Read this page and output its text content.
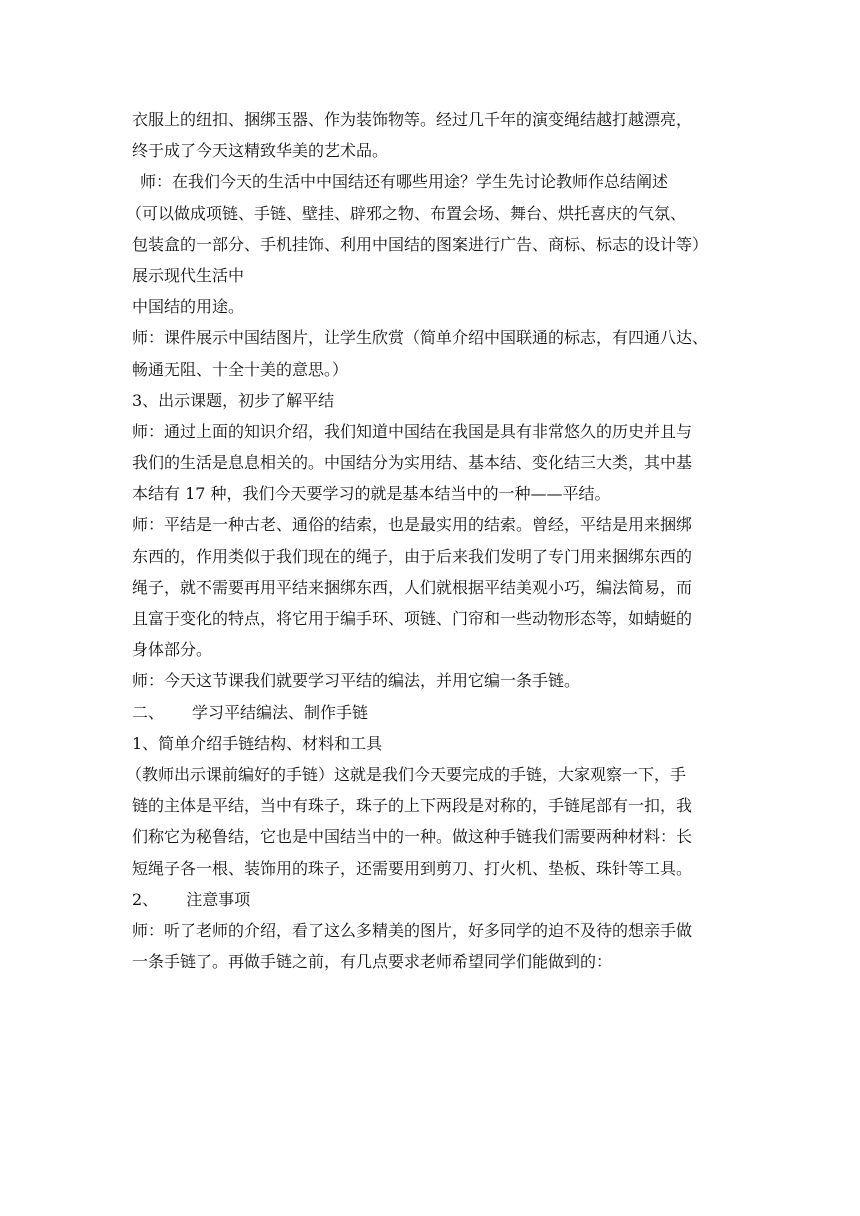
衣服上的纽扣、捆绑玉器、作为装饰物等。经过几千年的演变绳结越打越漂亮，
终于成了今天这精致华美的艺术品。
师：在我们今天的生活中中国结还有哪些用途？学生先讨论教师作总结阐述
（可以做成项链、手链、壁挂、辟邪之物、布置会场、舞台、烘托喜庆的气氛、
包装盒的一部分、手机挂饰、利用中国结的图案进行广告、商标、标志的设计等）
展示现代生活中
中国结的用途。
师：课件展示中国结图片，让学生欣赏（简单介绍中国联通的标志，有四通八达、
畅通无阻、十全十美的意思。）
3、出示课题，初步了解平结
师：通过上面的知识介绍，我们知道中国结在我国是具有非常悠久的历史并且与
我们的生活是息息相关的。中国结分为实用结、基本结、变化结三大类，其中基
本结有 17 种，我们今天要学习的就是基本结当中的一种——平结。
师：平结是一种古老、通俗的结索，也是最实用的结索。曾经，平结是用来捆绑
东西的，作用类似于我们现在的绳子，由于后来我们发明了专门用来捆绑东西的
绳子，就不需要再用平结来捆绑东西，人们就根据平结美观小巧，编法简易，而
且富于变化的特点，将它用于编手环、项链、门帘和一些动物形态等，如蜻蜓的
身体部分。
师：今天这节课我们就要学习平结的编法，并用它编一条手链。
二、 学习平结编法、制作手链
1、简单介绍手链结构、材料和工具
（教师出示课前编好的手链）这就是我们今天要完成的手链，大家观察一下，手
链的主体是平结，当中有珠子，珠子的上下两段是对称的，手链尾部有一扣，我
们称它为秘鲁结，它也是中国结当中的一种。做这种手链我们需要两种材料：长
短绳子各一根、装饰用的珠子，还需要用到剪刀、打火机、垫板、珠针等工具。
2、 注意事项
师：听了老师的介绍，看了这么多精美的图片，好多同学的迫不及待的想亲手做
一条手链了。再做手链之前，有几点要求老师希望同学们能做到的：
